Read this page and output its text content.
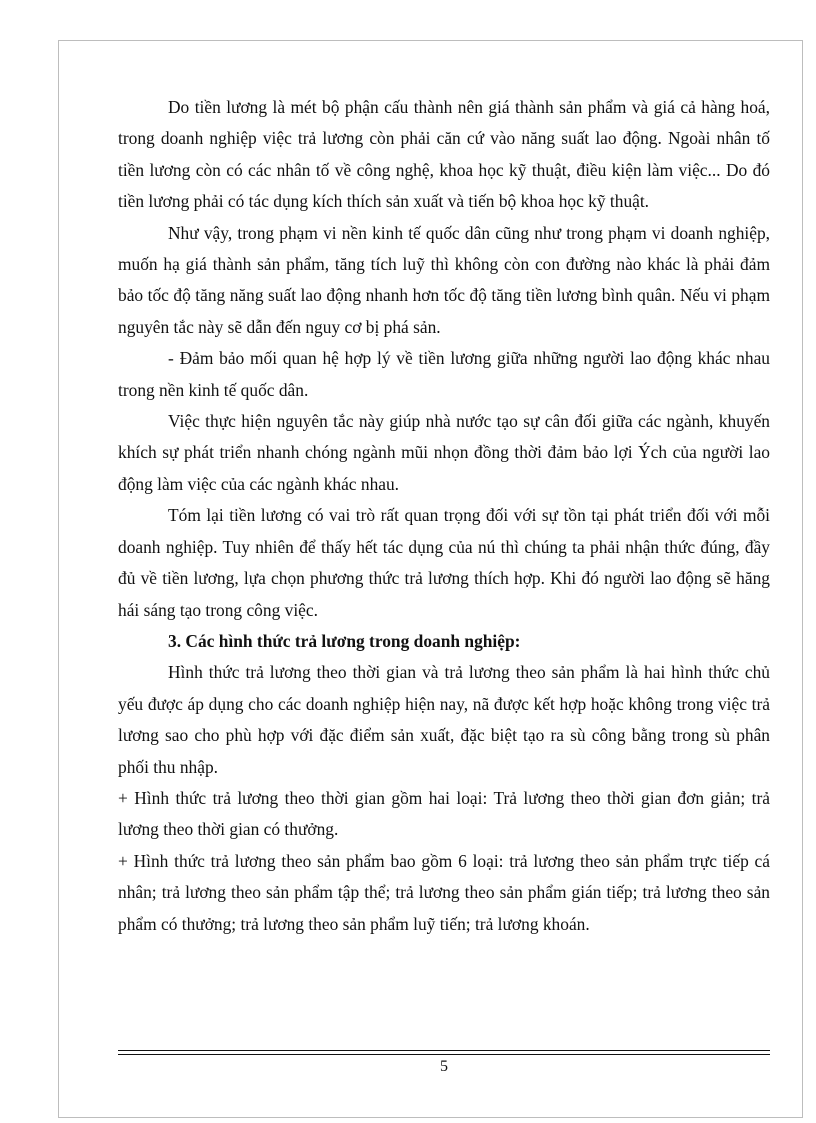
Do tiền lương là mét bộ phận cấu thành nên giá thành sản phẩm và giá cả hàng hoá, trong doanh nghiệp việc trả lương còn phải căn cứ vào năng suất lao động. Ngoài nhân tố tiền lương còn có các nhân tố về công nghệ, khoa học kỹ thuật, điều kiện làm việc... Do đó tiền lương phải có tác dụng kích thích sản xuất và tiến bộ khoa học kỹ thuật.

Như vậy, trong phạm vi nền kinh tế quốc dân cũng như trong phạm vi doanh nghiệp, muốn hạ giá thành sản phẩm, tăng tích luỹ thì không còn con đường nào khác là phải đảm bảo tốc độ tăng năng suất lao động nhanh hơn tốc độ tăng tiền lương bình quân. Nếu vi phạm nguyên tắc này sẽ dẫn đến nguy cơ bị phá sản.

- Đảm bảo mối quan hệ hợp lý về tiền lương giữa những người lao động khác nhau trong nền kinh tế quốc dân.

Việc thực hiện nguyên tắc này giúp nhà nước tạo sự cân đối giữa các ngành, khuyến khích sự phát triển nhanh chóng ngành mũi nhọn đồng thời đảm bảo lợi Ých của người lao động làm việc của các ngành khác nhau.

Tóm lại tiền lương có vai trò rất quan trọng đối với sự tồn tại phát triển đối với mỗi doanh nghiệp. Tuy nhiên để thấy hết tác dụng của nú thì chúng ta phải nhận thức đúng, đầy đủ về tiền lương, lựa chọn phương thức trả lương thích hợp. Khi đó người lao động sẽ hăng hái sáng tạo trong công việc.

3. Các hình thức trả lương trong doanh nghiệp:

Hình thức trả lương theo thời gian và trả lương theo sản phẩm là hai hình thức chủ yếu được áp dụng cho các doanh nghiệp hiện nay, nã được kết hợp hoặc không trong việc trả lương sao cho phù hợp với đặc điểm sản xuất, đặc biệt tạo ra sù công bằng trong sù phân phối thu nhập.

+ Hình thức trả lương theo thời gian gồm hai loại: Trả lương theo thời gian đơn giản; trả lương theo thời gian có thưởng.

+ Hình thức trả lương theo sản phẩm bao gồm 6 loại: trả lương theo sản phẩm trực tiếp cá nhân; trả lương theo sản phẩm tập thể; trả lương theo sản phẩm gián tiếp; trả lương theo sản phẩm có thưởng; trả lương theo sản phẩm luỹ tiến; trả lương khoán.

5
